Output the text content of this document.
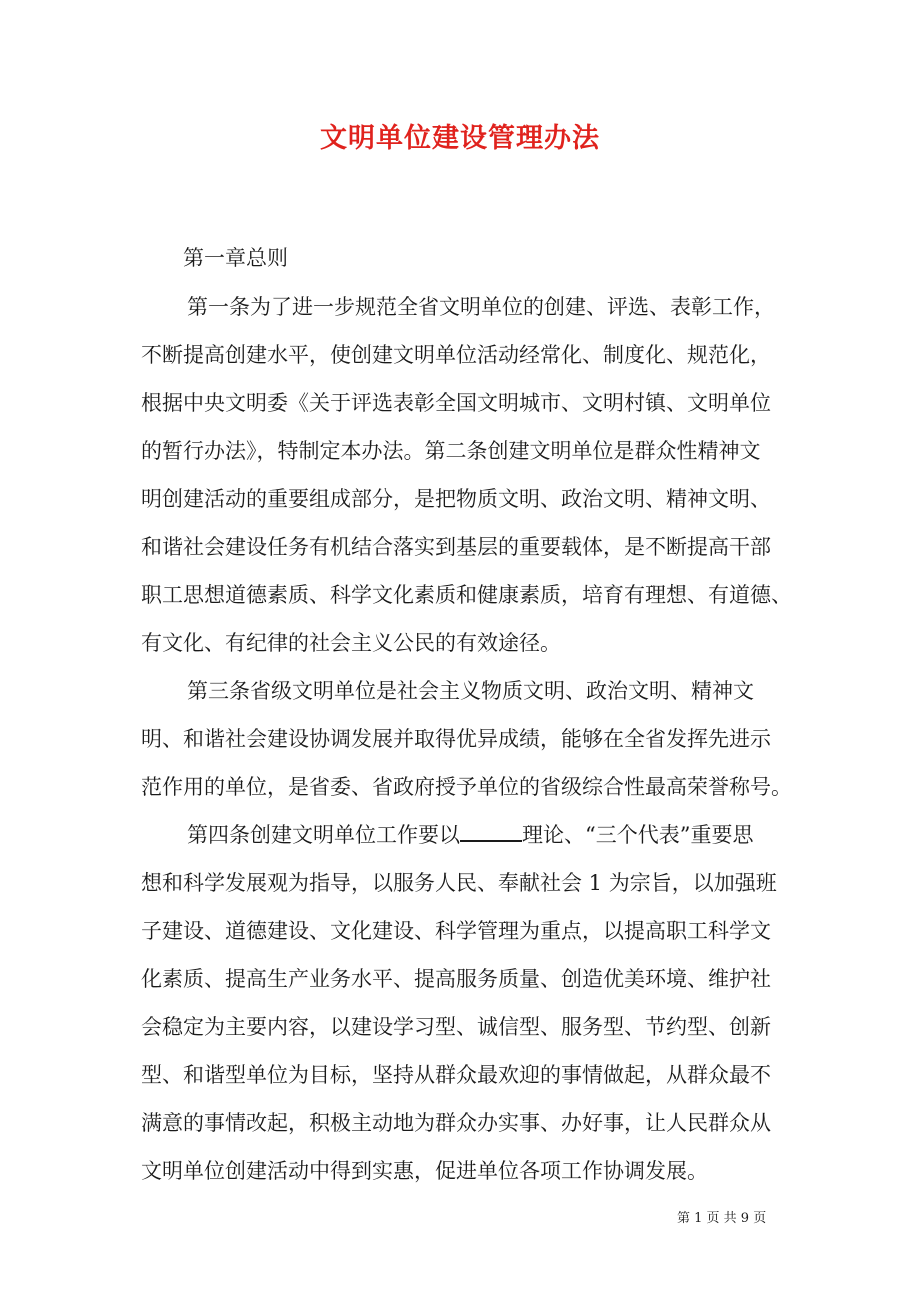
文明单位建设管理办法

第一章总则

第一条为了进一步规范全省文明单位的创建、评选、表彰工作，
不断提高创建水平，使创建文明单位活动经常化、制度化、规范化，
根据中央文明委《关于评选表彰全国文明城市、文明村镇、文明单位
的暂行办法》，特制定本办法。第二条创建文明单位是群众性精神文
明创建活动的重要组成部分，是把物质文明、政治文明、精神文明、
和谐社会建设任务有机结合落实到基层的重要载体，是不断提高干部
职工思想道德素质、科学文化素质和健康素质，培育有理想、有道德、
有文化、有纪律的社会主义公民的有效途径。
第三条省级文明单位是社会主义物质文明、政治文明、精神文
明、和谐社会建设协调发展并取得优异成绩，能够在全省发挥先进示
范作用的单位，是省委、省政府授予单位的省级综合性最高荣誉称号。
第四条创建文明单位工作要以	理论、“三个代表”重要思
想和科学发展观为指导，以服务人民、奉献社会 1 为宗旨，以加强班
子建设、道德建设、文化建设、科学管理为重点，以提高职工科学文
化素质、提高生产业务水平、提高服务质量、创造优美环境、维护社
会稳定为主要内容，以建设学习型、诚信型、服务型、节约型、创新
型、和谐型单位为目标，坚持从群众最欢迎的事情做起，从群众最不
满意的事情改起，积极主动地为群众办实事、办好事，让人民群众从
文明单位创建活动中得到实惠，促进单位各项工作协调发展。

第 1 页 共 9 页
